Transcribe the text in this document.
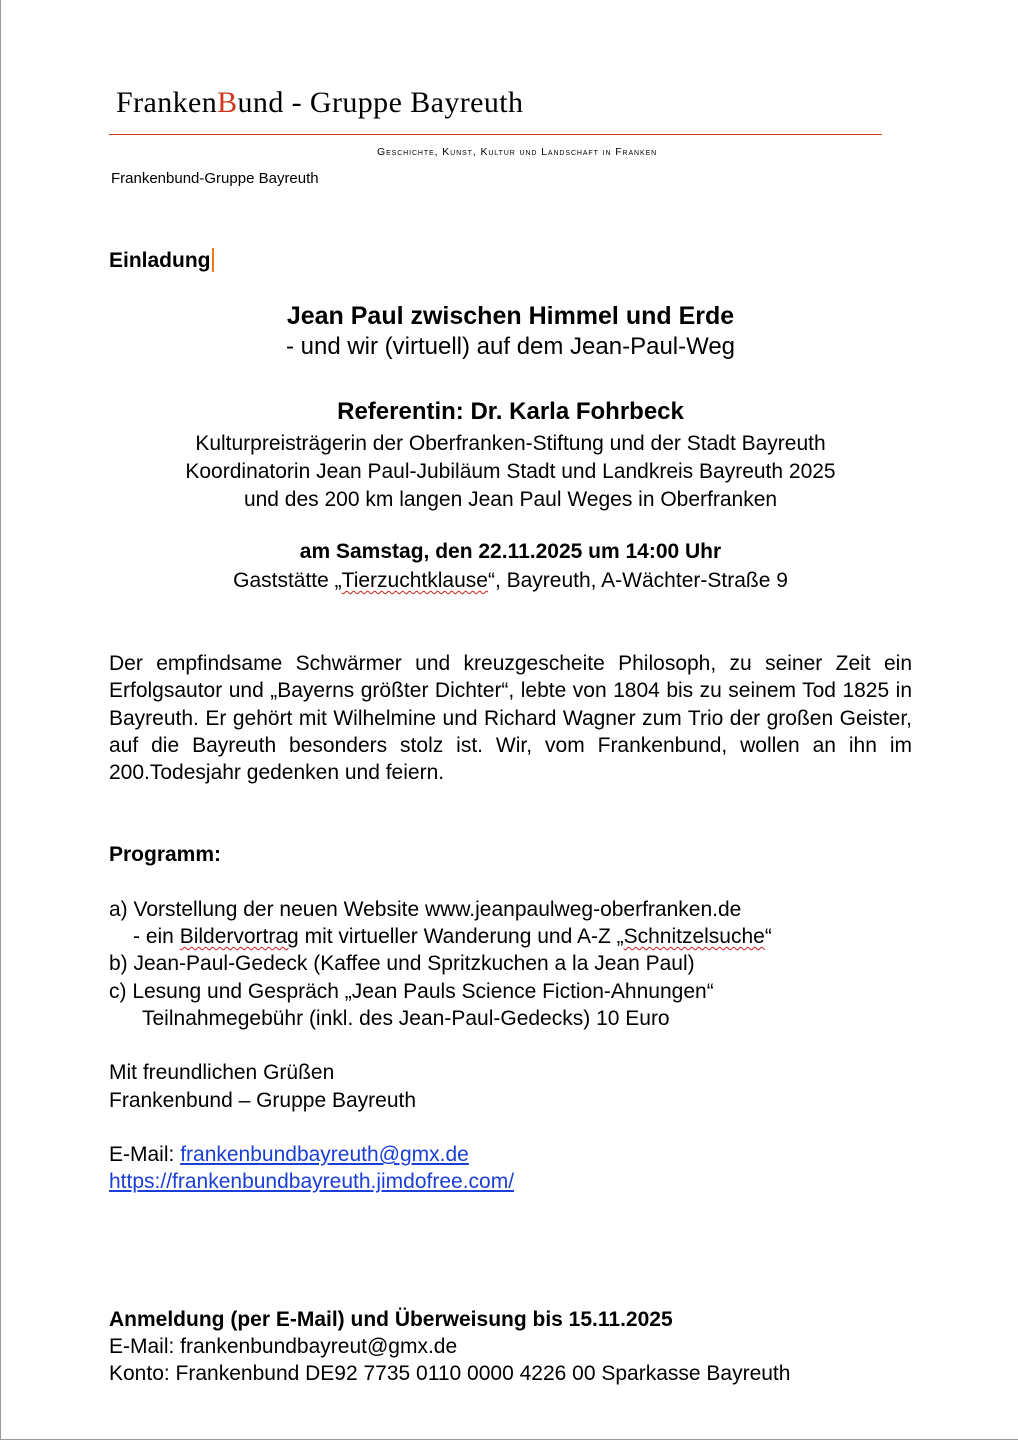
FrankenBund - Gruppe Bayreuth
Geschichte, Kunst, Kultur und Landschaft in Franken
Frankenbund-Gruppe Bayreuth
Einladung
Jean Paul zwischen Himmel und Erde
- und wir (virtuell) auf dem Jean-Paul-Weg
Referentin: Dr. Karla Fohrbeck
Kulturpreisträgerin der Oberfranken-Stiftung und der Stadt Bayreuth
Koordinatorin Jean Paul-Jubiläum Stadt und Landkreis Bayreuth 2025
und des 200 km langen Jean Paul Weges in Oberfranken
am Samstag, den 22.11.2025 um 14:00 Uhr
Gaststätte „Tierzuchtklause“, Bayreuth, A-Wächter-Straße 9
Der empfindsame Schwärmer und kreuzgescheite Philosoph, zu seiner Zeit ein Erfolgsautor und „Bayerns größter Dichter“, lebte von 1804 bis zu seinem Tod 1825 in Bayreuth. Er gehört mit Wilhelmine und Richard Wagner zum Trio der großen Geister, auf die Bayreuth besonders stolz ist. Wir, vom Frankenbund, wollen an ihn im 200.Todesjahr gedenken und feiern.
Programm:
a) Vorstellung der neuen Website www.jeanpaulweg-oberfranken.de
- ein Bildervortrag mit virtueller Wanderung und A-Z „Schnitzelsuche“
b) Jean-Paul-Gedeck (Kaffee und Spritzkuchen a la Jean Paul)
c) Lesung und Gespräch „Jean Pauls Science Fiction-Ahnungen“
Teilnahmegebühr (inkl. des Jean-Paul-Gedecks) 10 Euro
Mit freundlichen Grüßen
Frankenbund – Gruppe Bayreuth
E-Mail: frankenbundbayreuth@gmx.de
https://frankenbundbayreuth.jimdofree.com/
Anmeldung (per E-Mail) und Überweisung bis 15.11.2025
E-Mail: frankenbundbayreut@gmx.de
Konto: Frankenbund DE92 7735 0110 0000 4226 00 Sparkasse Bayreuth
